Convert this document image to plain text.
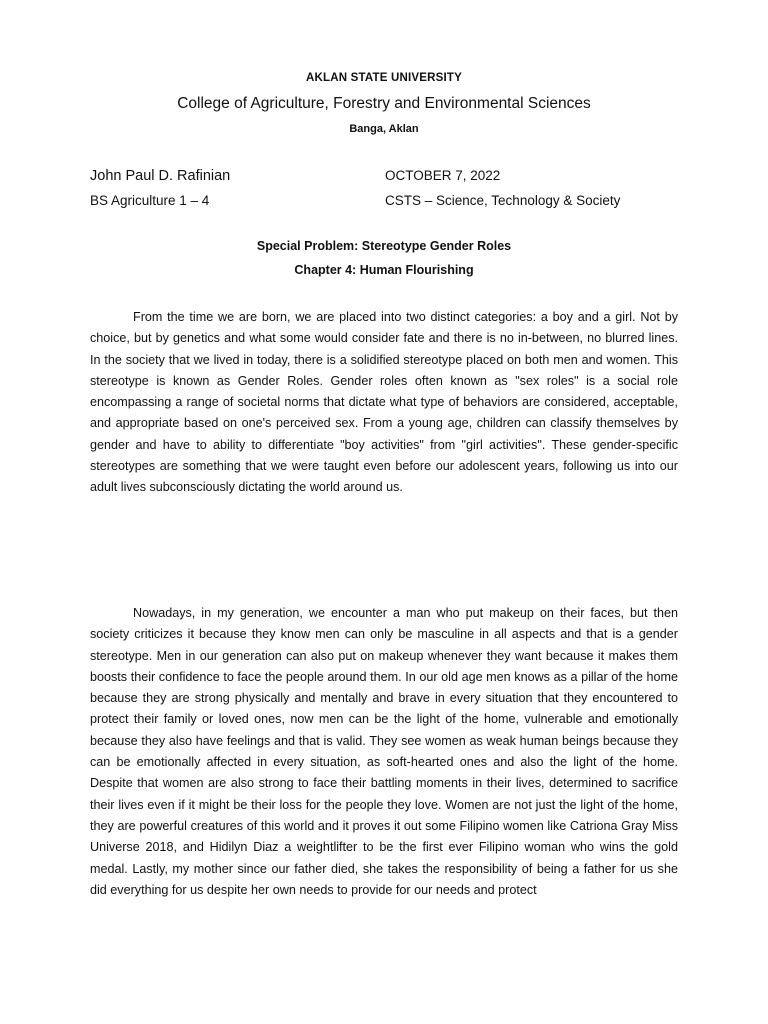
AKLAN STATE UNIVERSITY
College of Agriculture, Forestry and Environmental Sciences
Banga, Aklan
John Paul D. Rafinian	OCTOBER 7, 2022
BS Agriculture 1 – 4	CSTS – Science, Technology & Society
Special Problem: Stereotype Gender Roles
Chapter 4: Human Flourishing

From the time we are born, we are placed into two distinct categories: a boy and a girl. Not by choice, but by genetics and what some would consider fate and there is no in-between, no blurred lines. In the society that we lived in today, there is a solidified stereotype placed on both men and women. This stereotype is known as Gender Roles. Gender roles often known as "sex roles" is a social role encompassing a range of societal norms that dictate what type of behaviors are considered, acceptable, and appropriate based on one's perceived sex. From a young age, children can classify themselves by gender and have to ability to differentiate "boy activities" from "girl activities". These gender-specific stereotypes are something that we were taught even before our adolescent years, following us into our adult lives subconsciously dictating the world around us.

Nowadays, in my generation, we encounter a man who put makeup on their faces, but then society criticizes it because they know men can only be masculine in all aspects and that is a gender stereotype. Men in our generation can also put on makeup whenever they want because it makes them boosts their confidence to face the people around them. In our old age men knows as a pillar of the home because they are strong physically and mentally and brave in every situation that they encountered to protect their family or loved ones, now men can be the light of the home, vulnerable and emotionally because they also have feelings and that is valid. They see women as weak human beings because they can be emotionally affected in every situation, as soft-hearted ones and also the light of the home. Despite that women are also strong to face their battling moments in their lives, determined to sacrifice their lives even if it might be their loss for the people they love. Women are not just the light of the home, they are powerful creatures of this world and it proves it out some Filipino women like Catriona Gray Miss Universe 2018, and Hidilyn Diaz a weightlifter to be the first ever Filipino woman who wins the gold medal. Lastly, my mother since our father died, she takes the responsibility of being a father for us she did everything for us despite her own needs to provide for our needs and protect
